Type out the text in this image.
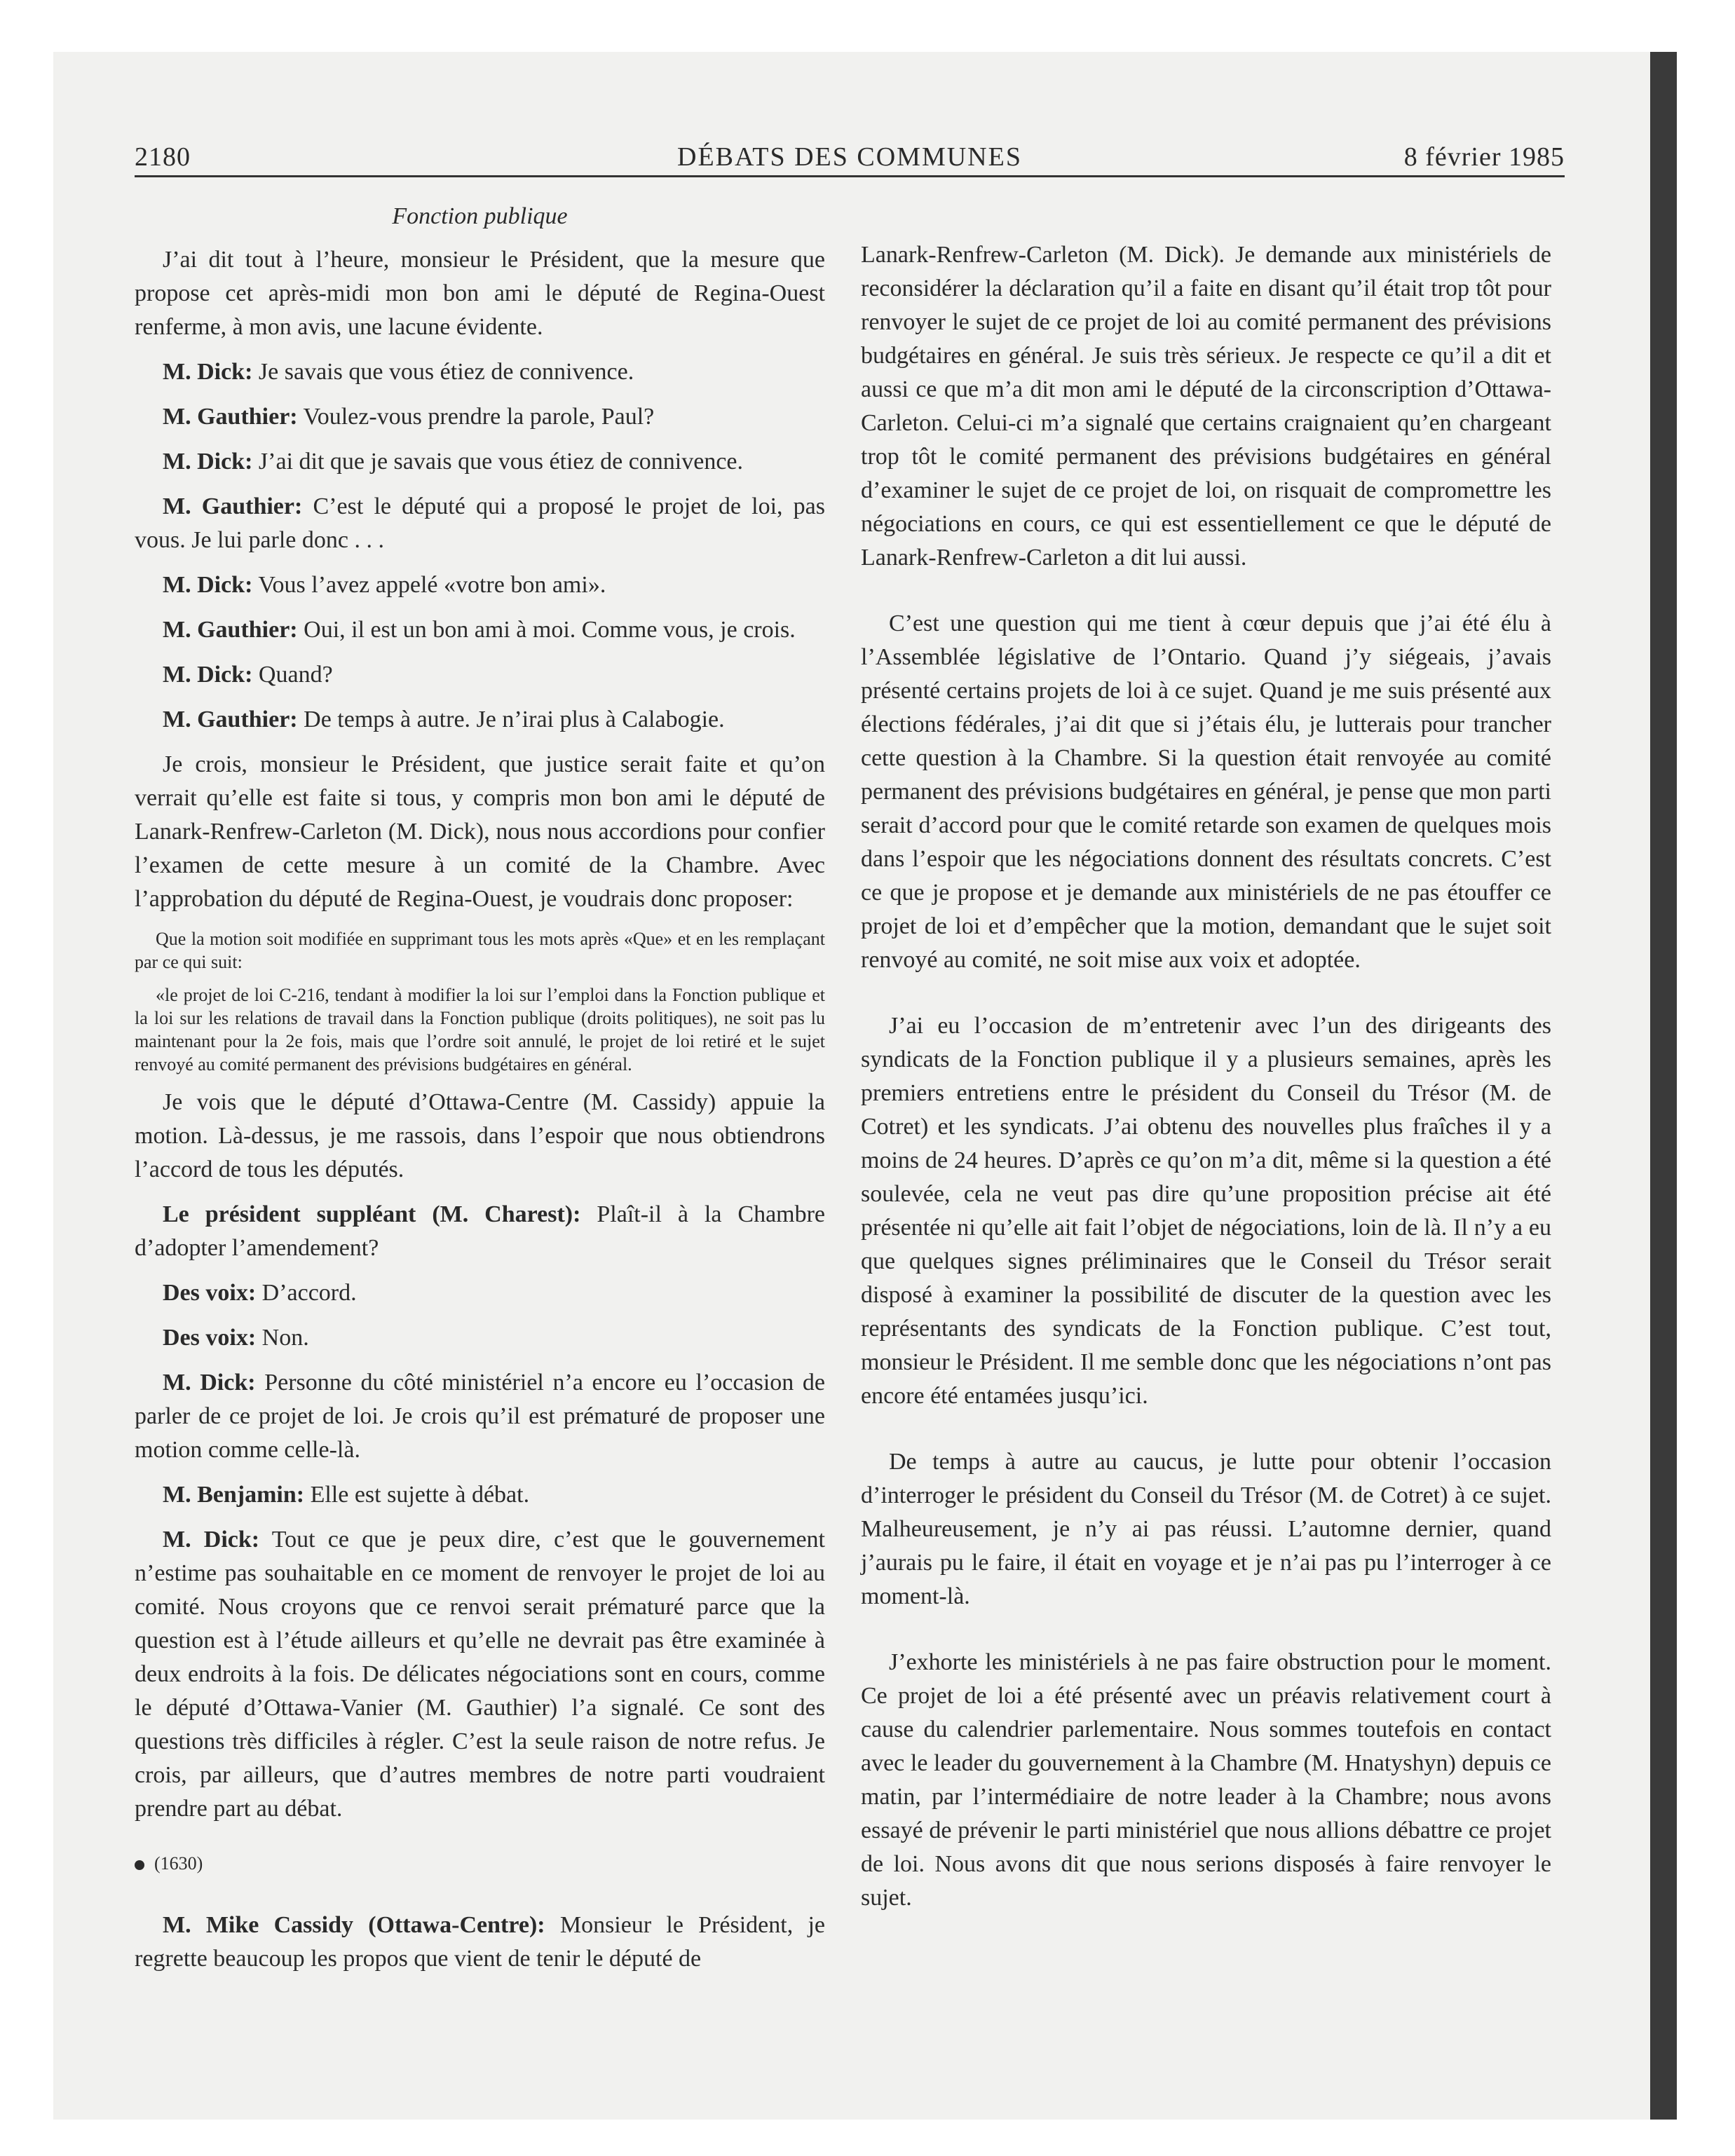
2180	DÉBATS DES COMMUNES	8 février 1985

Fonction publique

J’ai dit tout à l’heure, monsieur le Président, que la mesure que propose cet après-midi mon bon ami le député de Regina-Ouest renferme, à mon avis, une lacune évidente.

M. Dick: Je savais que vous étiez de connivence.

M. Gauthier: Voulez-vous prendre la parole, Paul?

M. Dick: J’ai dit que je savais que vous étiez de connivence.

M. Gauthier: C’est le député qui a proposé le projet de loi, pas vous. Je lui parle donc . . .

M. Dick: Vous l’avez appelé «votre bon ami».

M. Gauthier: Oui, il est un bon ami à moi. Comme vous, je crois.

M. Dick: Quand?

M. Gauthier: De temps à autre. Je n’irai plus à Calabogie.

Je crois, monsieur le Président, que justice serait faite et qu’on verrait qu’elle est faite si tous, y compris mon bon ami le député de Lanark-Renfrew-Carleton (M. Dick), nous nous accordions pour confier l’examen de cette mesure à un comité de la Chambre. Avec l’approbation du député de Regina-Ouest, je voudrais donc proposer:

Que la motion soit modifiée en supprimant tous les mots après «Que» et en les remplaçant par ce qui suit:

«le projet de loi C-216, tendant à modifier la loi sur l’emploi dans la Fonction publique et la loi sur les relations de travail dans la Fonction publique (droits politiques), ne soit pas lu maintenant pour la 2e fois, mais que l’ordre soit annulé, le projet de loi retiré et le sujet renvoyé au comité permanent des prévisions budgétaires en général.

Je vois que le député d’Ottawa-Centre (M. Cassidy) appuie la motion. Là-dessus, je me rassois, dans l’espoir que nous obtiendrons l’accord de tous les députés.

Le président suppléant (M. Charest): Plaît-il à la Chambre d’adopter l’amendement?

Des voix: D’accord.

Des voix: Non.

M. Dick: Personne du côté ministériel n’a encore eu l’occasion de parler de ce projet de loi. Je crois qu’il est prématuré de proposer une motion comme celle-là.

M. Benjamin: Elle est sujette à débat.

M. Dick: Tout ce que je peux dire, c’est que le gouvernement n’estime pas souhaitable en ce moment de renvoyer le projet de loi au comité. Nous croyons que ce renvoi serait prématuré parce que la question est à l’étude ailleurs et qu’elle ne devrait pas être examinée à deux endroits à la fois. De délicates négociations sont en cours, comme le député d’Ottawa-Vanier (M. Gauthier) l’a signalé. Ce sont des questions très difficiles à régler. C’est la seule raison de notre refus. Je crois, par ailleurs, que d’autres membres de notre parti voudraient prendre part au débat.

(1630)

M. Mike Cassidy (Ottawa-Centre): Monsieur le Président, je regrette beaucoup les propos que vient de tenir le député de

Lanark-Renfrew-Carleton (M. Dick). Je demande aux ministériels de reconsidérer la déclaration qu’il a faite en disant qu’il était trop tôt pour renvoyer le sujet de ce projet de loi au comité permanent des prévisions budgétaires en général. Je suis très sérieux. Je respecte ce qu’il a dit et aussi ce que m’a dit mon ami le député de la circonscription d’Ottawa-Carleton. Celui-ci m’a signalé que certains craignaient qu’en chargeant trop tôt le comité permanent des prévisions budgétaires en général d’examiner le sujet de ce projet de loi, on risquait de compromettre les négociations en cours, ce qui est essentiellement ce que le député de Lanark-Renfrew-Carleton a dit lui aussi.

C’est une question qui me tient à cœur depuis que j’ai été élu à l’Assemblée législative de l’Ontario. Quand j’y siégeais, j’avais présenté certains projets de loi à ce sujet. Quand je me suis présenté aux élections fédérales, j’ai dit que si j’étais élu, je lutterais pour trancher cette question à la Chambre. Si la question était renvoyée au comité permanent des prévisions budgétaires en général, je pense que mon parti serait d’accord pour que le comité retarde son examen de quelques mois dans l’espoir que les négociations donnent des résultats concrets. C’est ce que je propose et je demande aux ministériels de ne pas étouffer ce projet de loi et d’empêcher que la motion, demandant que le sujet soit renvoyé au comité, ne soit mise aux voix et adoptée.

J’ai eu l’occasion de m’entretenir avec l’un des dirigeants des syndicats de la Fonction publique il y a plusieurs semaines, après les premiers entretiens entre le président du Conseil du Trésor (M. de Cotret) et les syndicats. J’ai obtenu des nouvelles plus fraîches il y a moins de 24 heures. D’après ce qu’on m’a dit, même si la question a été soulevée, cela ne veut pas dire qu’une proposition précise ait été présentée ni qu’elle ait fait l’objet de négociations, loin de là. Il n’y a eu que quelques signes préliminaires que le Conseil du Trésor serait disposé à examiner la possibilité de discuter de la question avec les représentants des syndicats de la Fonction publique. C’est tout, monsieur le Président. Il me semble donc que les négociations n’ont pas encore été entamées jusqu’ici.

De temps à autre au caucus, je lutte pour obtenir l’occasion d’interroger le président du Conseil du Trésor (M. de Cotret) à ce sujet. Malheureusement, je n’y ai pas réussi. L’automne dernier, quand j’aurais pu le faire, il était en voyage et je n’ai pas pu l’interroger à ce moment-là.

J’exhorte les ministériels à ne pas faire obstruction pour le moment. Ce projet de loi a été présenté avec un préavis relativement court à cause du calendrier parlementaire. Nous sommes toutefois en contact avec le leader du gouvernement à la Chambre (M. Hnatyshyn) depuis ce matin, par l’intermédiaire de notre leader à la Chambre; nous avons essayé de prévenir le parti ministériel que nous allions débattre ce projet de loi. Nous avons dit que nous serions disposés à faire renvoyer le sujet.
